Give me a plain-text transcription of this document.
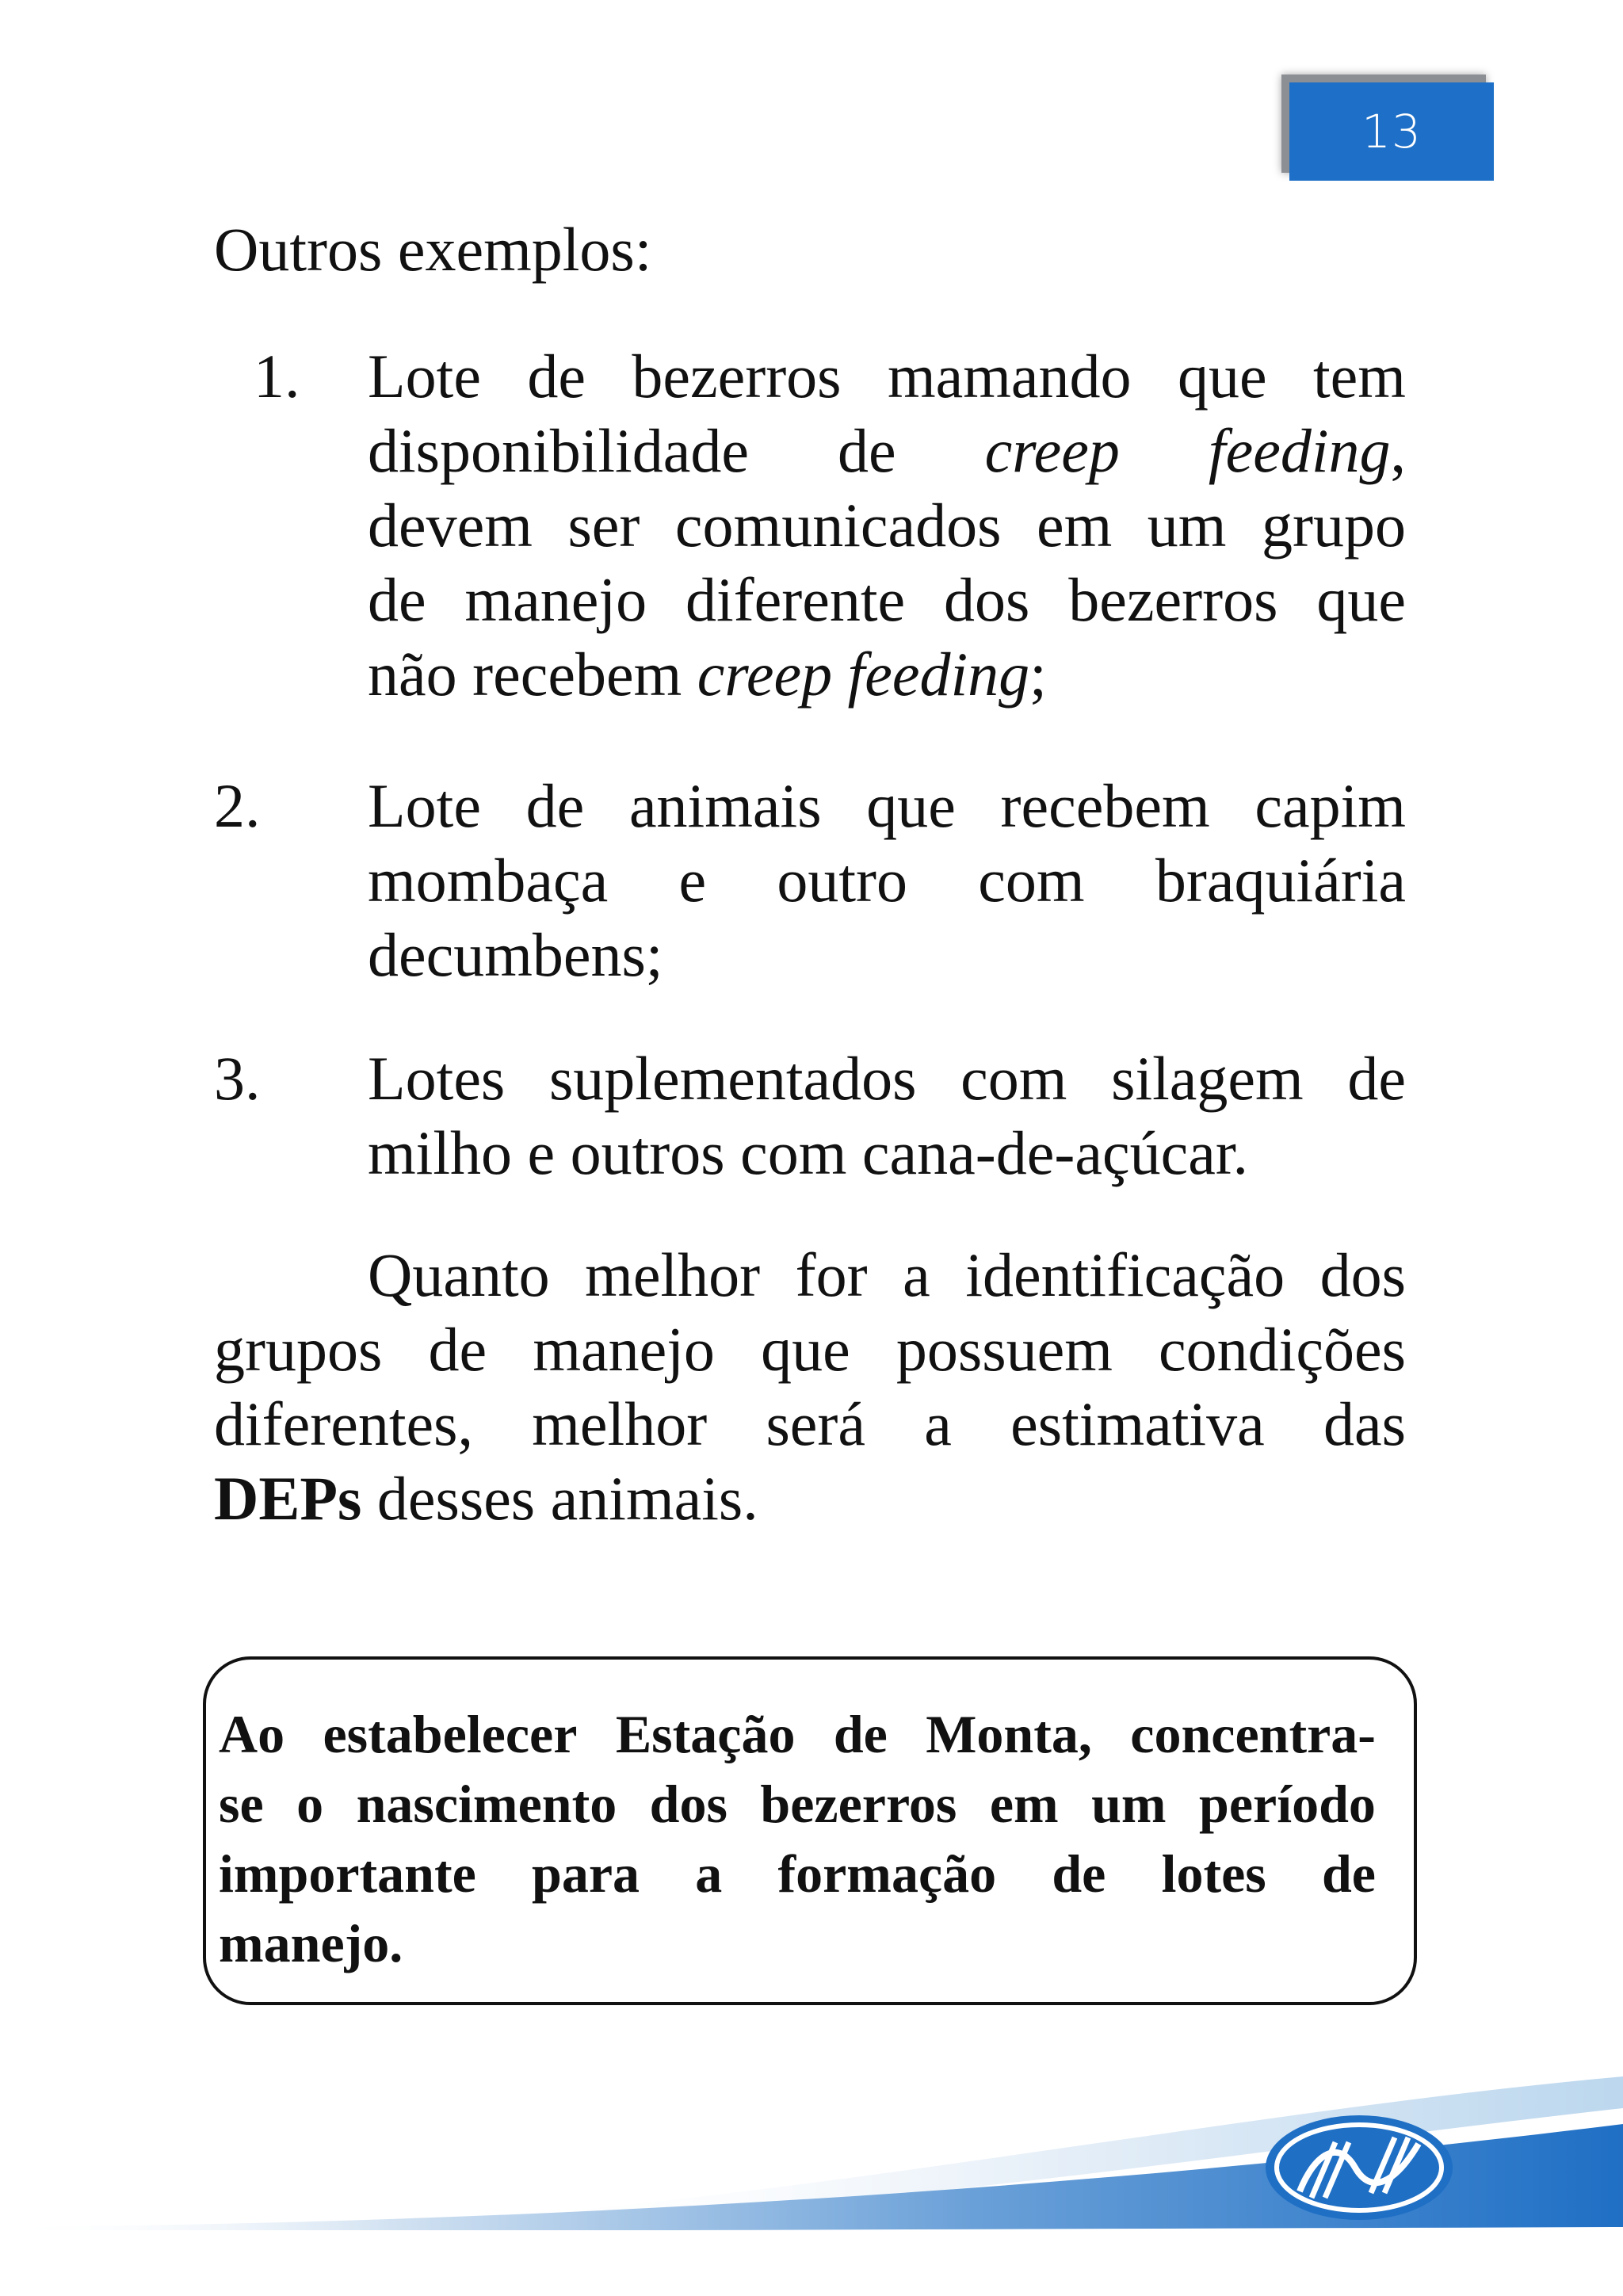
13
Outros exemplos:
1. Lote de bezerros mamando que tem
disponibilidade de creep feeding,
devem ser comunicados em um grupo
de manejo diferente dos bezerros que
não recebem creep feeding ;
2. Lote de animais que recebem capim
mombaça e outro com braquiária
decumbens;
3. Lotes suplementados com silagem de
milho e outros com cana-de-açúcar.
Quanto melhor for a identificação dos
grupos de manejo que possuem condições
diferentes, melhor será a estimativa das
DEPs desses animais.
Ao estabelecer Estação de Monta, concentra-
se o nascimento dos bezerros em um período
importante para a formação de lotes de
manejo.
